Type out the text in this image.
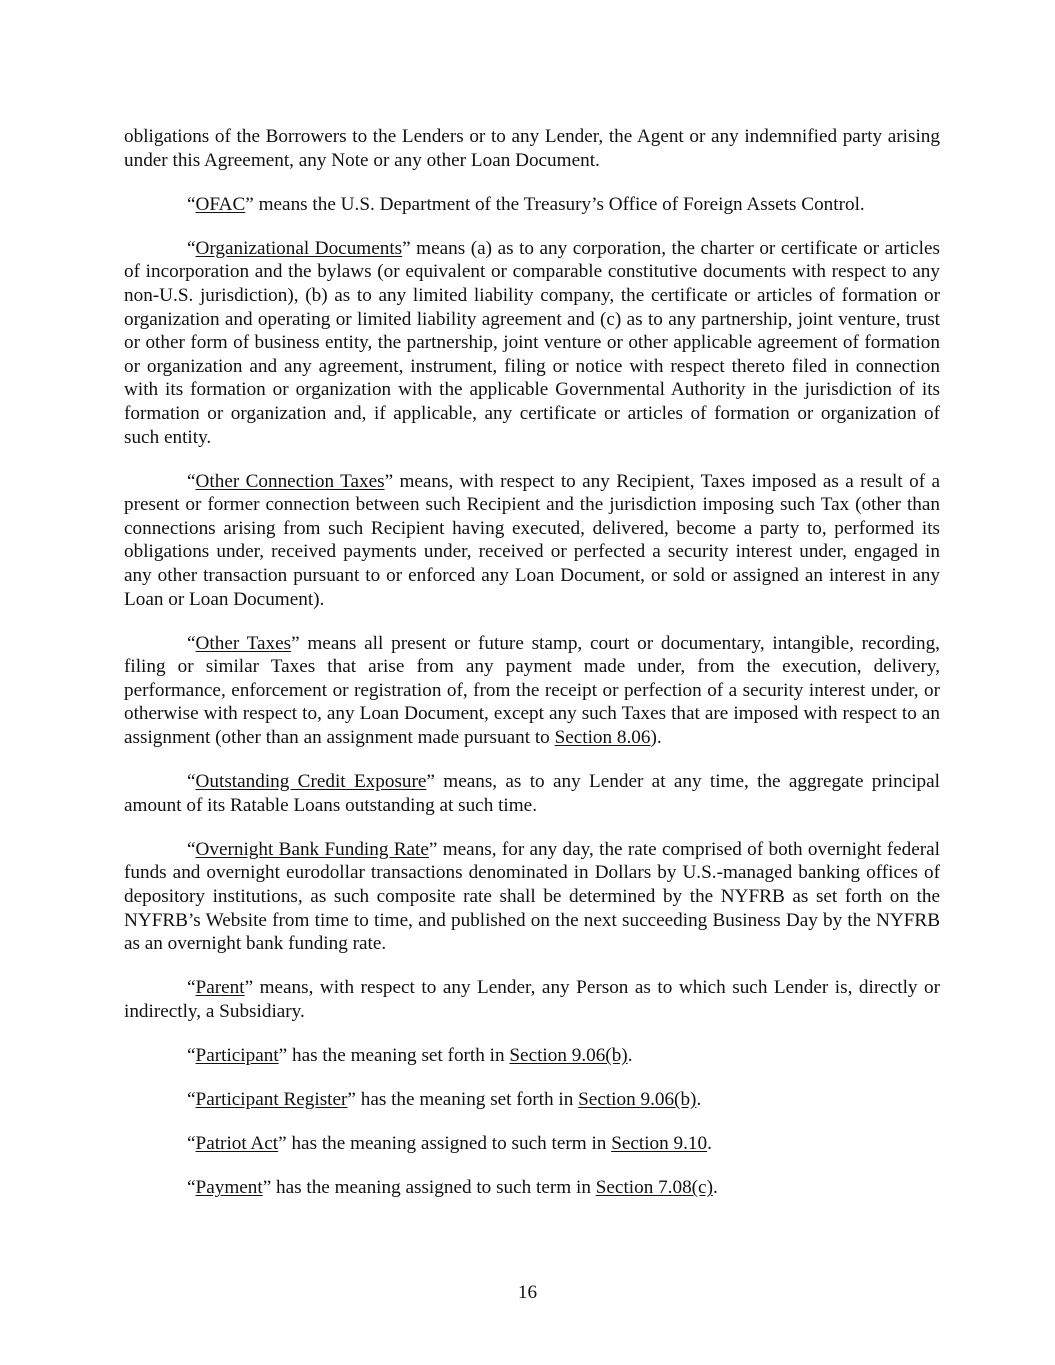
obligations of the Borrowers to the Lenders or to any Lender, the Agent or any indemnified party arising under this Agreement, any Note or any other Loan Document.

“OFAC” means the U.S. Department of the Treasury’s Office of Foreign Assets Control.

“Organizational Documents” means (a) as to any corporation, the charter or certificate or articles of incorporation and the bylaws (or equivalent or comparable constitutive documents with respect to any non-U.S. jurisdiction), (b) as to any limited liability company, the certificate or articles of formation or organization and operating or limited liability agreement and (c) as to any partnership, joint venture, trust or other form of business entity, the partnership, joint venture or other applicable agreement of formation or organization and any agreement, instrument, filing or notice with respect thereto filed in connection with its formation or organization with the applicable Governmental Authority in the jurisdiction of its formation or organization and, if applicable, any certificate or articles of formation or organization of such entity.

“Other Connection Taxes” means, with respect to any Recipient, Taxes imposed as a result of a present or former connection between such Recipient and the jurisdiction imposing such Tax (other than connections arising from such Recipient having executed, delivered, become a party to, performed its obligations under, received payments under, received or perfected a security interest under, engaged in any other transaction pursuant to or enforced any Loan Document, or sold or assigned an interest in any Loan or Loan Document).

“Other Taxes” means all present or future stamp, court or documentary, intangible, recording, filing or similar Taxes that arise from any payment made under, from the execution, delivery, performance, enforcement or registration of, from the receipt or perfection of a security interest under, or otherwise with respect to, any Loan Document, except any such Taxes that are imposed with respect to an assignment (other than an assignment made pursuant to Section 8.06).

“Outstanding Credit Exposure” means, as to any Lender at any time, the aggregate principal amount of its Ratable Loans outstanding at such time.

“Overnight Bank Funding Rate” means, for any day, the rate comprised of both overnight federal funds and overnight eurodollar transactions denominated in Dollars by U.S.-managed banking offices of depository institutions, as such composite rate shall be determined by the NYFRB as set forth on the NYFRB’s Website from time to time, and published on the next succeeding Business Day by the NYFRB as an overnight bank funding rate.

“Parent” means, with respect to any Lender, any Person as to which such Lender is, directly or indirectly, a Subsidiary.

“Participant” has the meaning set forth in Section 9.06(b).

“Participant Register” has the meaning set forth in Section 9.06(b).

“Patriot Act” has the meaning assigned to such term in Section 9.10.

“Payment” has the meaning assigned to such term in Section 7.08(c).

16
